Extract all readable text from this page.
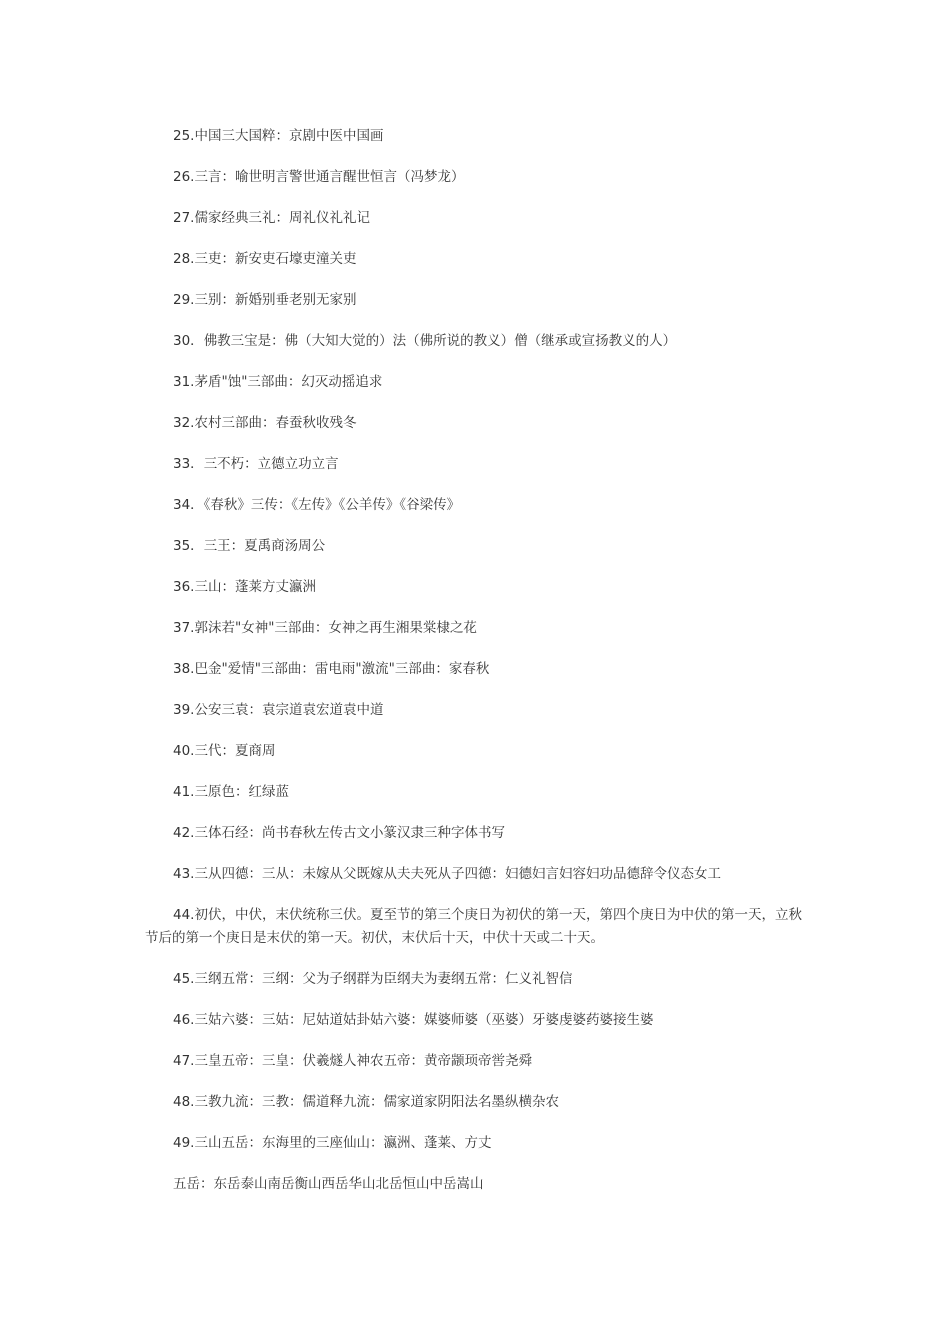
25.中国三大国粹：京剧中医中国画

26.三言：喻世明言警世通言醒世恒言（冯梦龙）

27.儒家经典三礼：周礼仪礼礼记

28.三吏：新安吏石壕吏潼关吏

29.三别：新婚别垂老别无家别

30．佛教三宝是：佛（大知大觉的）法（佛所说的教义）僧（继承或宣扬教义的人）

31.茅盾"蚀"三部曲：幻灭动摇追求

32.农村三部曲：春蚕秋收残冬

33．三不朽：立德立功立言

34．《春秋》三传：《左传》《公羊传》《谷梁传》

35．三王：夏禹商汤周公

36.三山：蓬莱方丈瀛洲

37.郭沫若"女神"三部曲：女神之再生湘果棠棣之花

38.巴金"爱情"三部曲：雷电雨"激流"三部曲：家春秋

39.公安三袁：袁宗道袁宏道袁中道

40.三代：夏商周

41.三原色：红绿蓝

42.三体石经：尚书春秋左传古文小篆汉隶三种字体书写

43.三从四德：三从：未嫁从父既嫁从夫夫死从子四德：妇德妇言妇容妇功品德辞令仪态女工

44.初伏，中伏，末伏统称三伏。夏至节的第三个庚日为初伏的第一天，第四个庚日为中伏的第一天，立秋节后的第一个庚日是末伏的第一天。初伏，末伏后十天，中伏十天或二十天。

45.三纲五常：三纲：父为子纲群为臣纲夫为妻纲五常：仁义礼智信

46.三姑六婆：三姑：尼姑道姑卦姑六婆：媒婆师婆（巫婆）牙婆虔婆药婆接生婆

47.三皇五帝：三皇：伏羲燧人神农五帝：黄帝颛顼帝喾尧舜

48.三教九流：三教：儒道释九流：儒家道家阴阳法名墨纵横杂农

49.三山五岳：东海里的三座仙山：瀛洲、蓬莱、方丈

五岳：东岳泰山南岳衡山西岳华山北岳恒山中岳嵩山
